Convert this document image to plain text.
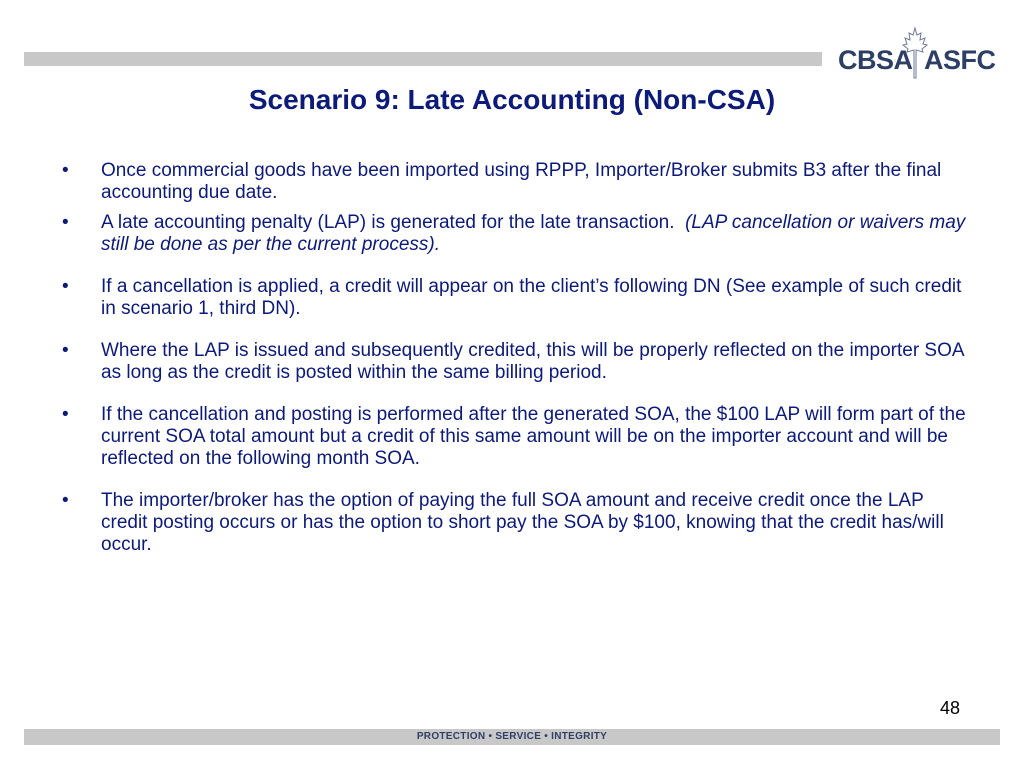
CBSA ASFC
Scenario 9: Late Accounting (Non-CSA)
• Once commercial goods have been imported using RPPP, Importer/Broker submits B3 after the final accounting due date.
• A late accounting penalty (LAP) is generated for the late transaction. (LAP cancellation or waivers may still be done as per the current process).
• If a cancellation is applied, a credit will appear on the client’s following DN (See example of such credit in scenario 1, third DN).
• Where the LAP is issued and subsequently credited, this will be properly reflected on the importer SOA as long as the credit is posted within the same billing period.
• If the cancellation and posting is performed after the generated SOA, the $100 LAP will form part of the current SOA total amount but a credit of this same amount will be on the importer account and will be reflected on the following month SOA.
• The importer/broker has the option of paying the full SOA amount and receive credit once the LAP credit posting occurs or has the option to short pay the SOA by $100, knowing that the credit has/will occur.
48
PROTECTION • SERVICE • INTEGRITY
